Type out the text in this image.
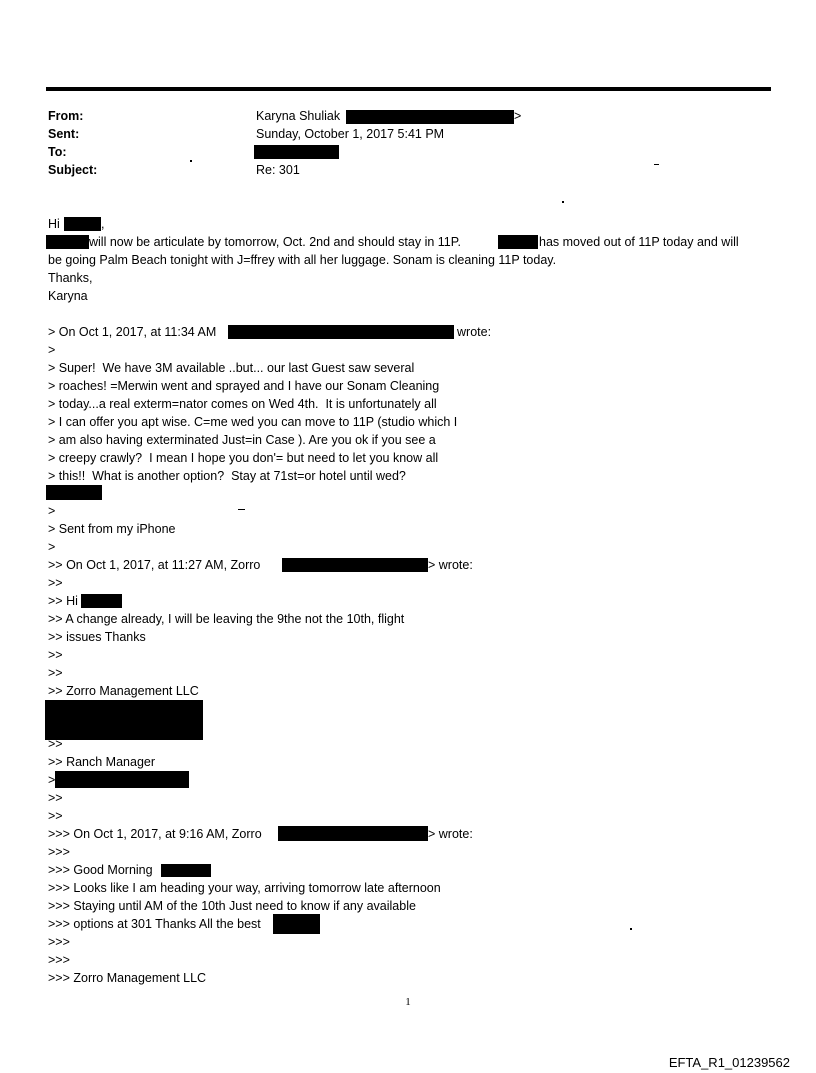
From:	Karyna Shuliak	>
Sent:	Sunday, October 1, 2017 5:41 PM
To:
Subject:	Re: 301
Hi	,
will now be articulate by tomorrow, Oct. 2nd and should stay in 11P.	has moved out of 11P today and will
be going Palm Beach tonight with J=ffrey with all her luggage. Sonam is cleaning 11P today.
Thanks,
Karyna
> On Oct 1, 2017, at 11:34 AM	wrote:
>
> Super!  We have 3M available ..but... our last Guest saw several
> roaches! =Merwin went and sprayed and I have our Sonam Cleaning
> today...a real exterm=nator comes on Wed 4th.  It is unfortunately all
> I can offer you apt wise. C=me wed you can move to 11P (studio which I
> am also having exterminated Just=in Case ). Are you ok if you see a
> creepy crawly?  I mean I hope you don'= but need to let you know all
> this!!  What is another option?  Stay at 71st=or hotel until wed?
>
> Sent from my iPhone
>
>> On Oct 1, 2017, at 11:27 AM, Zorro	> wrote:
>>
>> Hi
>> A change already, I will be leaving the 9the not the 10th, flight
>> issues Thanks
>>
>>
>> Zorro Management LLC
>>
>> Ranch Manager
>
>>
>>
>>> On Oct 1, 2017, at 9:16 AM, Zorro	> wrote:
>>>
>>> Good Morning
>>> Looks like I am heading your way, arriving tomorrow late afternoon
>>> Staying until AM of the 10th Just need to know if any available
>>> options at 301 Thanks All the best
>>>
>>>
>>> Zorro Management LLC
1
EFTA_R1_01239562
